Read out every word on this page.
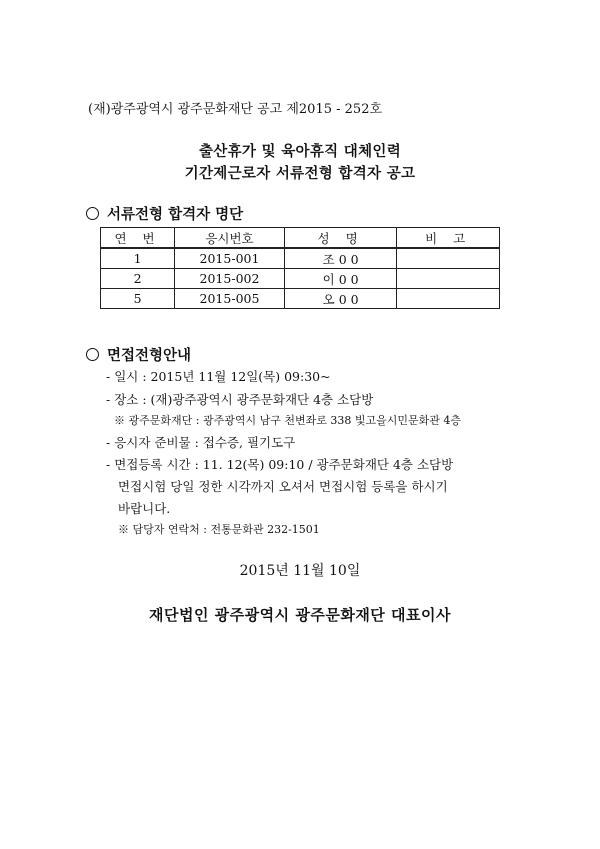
(재)광주광역시 광주문화재단 공고 제2015 - 252호
출산휴가 및 육아휴직 대체인력
기간제근로자 서류전형 합격자 공고
서류전형 합격자 명단
연 번	응시번호	성 명	비 고
1	2015-001	조 0 0	
2	2015-002	이 0 0	
5	2015-005	오 0 0	
면접전형안내
- 일시 : 2015년 11월 12일(목) 09:30~
- 장소 : (재)광주광역시 광주문화재단 4층 소담방
※ 광주문화재단 : 광주광역시 남구 천변좌로 338 빛고을시민문화관 4층
- 응시자 준비물 : 접수증, 필기도구
- 면접등록 시간 : 11. 12(목) 09:10 / 광주문화재단 4층 소담방
면접시험 당일 정한 시각까지 오셔서 면접시험 등록을 하시기
바랍니다.
※ 담당자 연락처 : 전통문화관 232-1501
2015년 11월 10일
재단법인 광주광역시 광주문화재단 대표이사
